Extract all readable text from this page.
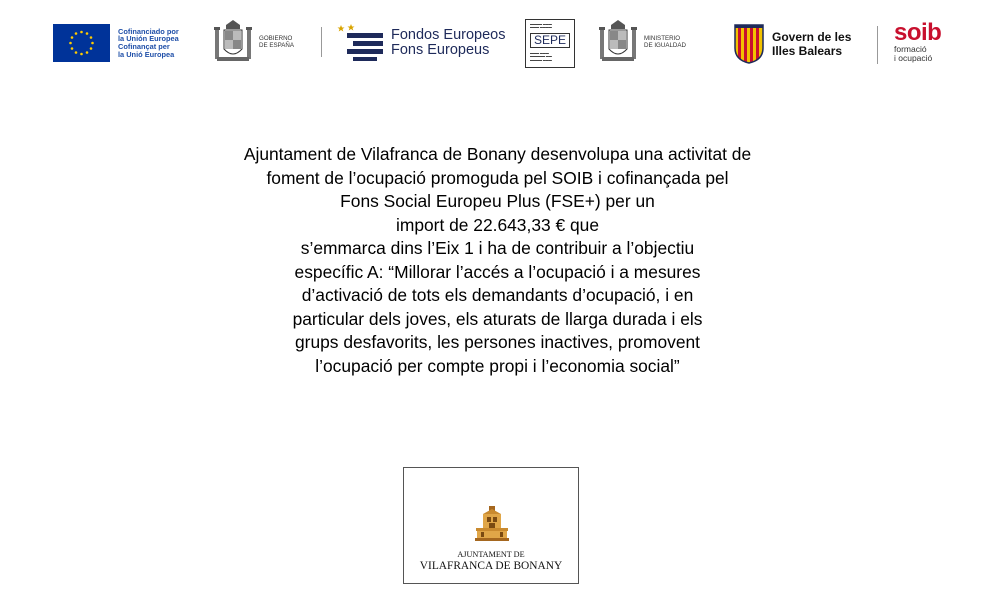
Cofinanciado por
la Unión Europea
Cofinançat per
la Unió Europea
GOBIERNO
DE ESPAÑA
Fondos Europeos
Fons Europeus
▬▬▬▬ ▬▬▬
▬▬▬ ▬▬▬▬
SEPE
▬▬▬ ▬▬▬
▬▬▬▬▬ ▬▬
▬▬▬▬ ▬▬▬
MINISTERIO
DE IGUALDAD
Govern de les
Illes Balears
soib
formació
i ocupació
Ajuntament de Vilafranca de Bonany desenvolupa una activitat de
foment de l’ocupació promoguda pel SOIB i cofinançada pel
Fons Social Europeu Plus (FSE+) per un
import de 22.643,33 € que
s’emmarca dins l’Eix 1 i ha de contribuir a l’objectiu
específic A: “Millorar l’accés a l’ocupació i a mesures
d’activació de tots els demandants d’ocupació, i en
particular dels joves, els aturats de llarga durada i els
grups desfavorits, les persones inactives, promovent
l’ocupació per compte propi i l’economia social”
AJUNTAMENT DE
VILAFRANCA DE BONANY
